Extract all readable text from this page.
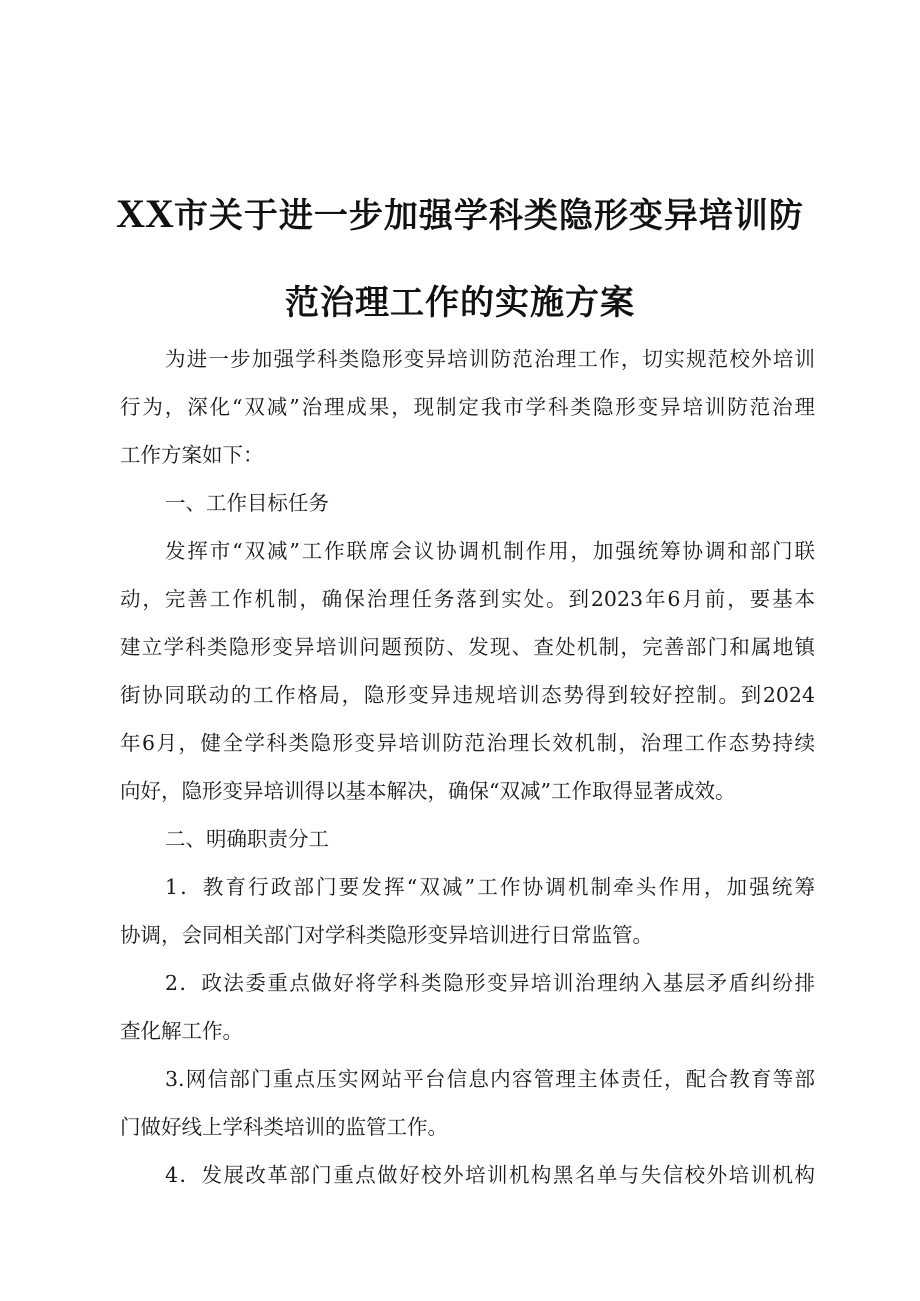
XX市关于进一步加强学科类隐形变异培训防
范治理工作的实施方案
为进一步加强学科类隐形变异培训防范治理工作，切实规范校外培训
行为，深化“双减”治理成果，现制定我市学科类隐形变异培训防范治理
工作方案如下：
一、工作目标任务
发挥市“双减”工作联席会议协调机制作用，加强统筹协调和部门联
动，完善工作机制，确保治理任务落到实处。到2023年6月前，要基本
建立学科类隐形变异培训问题预防、发现、查处机制，完善部门和属地镇
街协同联动的工作格局，隐形变异违规培训态势得到较好控制。到2024
年6月，健全学科类隐形变异培训防范治理长效机制，治理工作态势持续
向好，隐形变异培训得以基本解决，确保“双减”工作取得显著成效。
二、明确职责分工
1．教育行政部门要发挥“双减”工作协调机制牵头作用，加强统筹
协调，会同相关部门对学科类隐形变异培训进行日常监管。
2．政法委重点做好将学科类隐形变异培训治理纳入基层矛盾纠纷排
查化解工作。
3.网信部门重点压实网站平台信息内容管理主体责任，配合教育等部
门做好线上学科类培训的监管工作。
4．发展改革部门重点做好校外培训机构黑名单与失信校外培训机构
